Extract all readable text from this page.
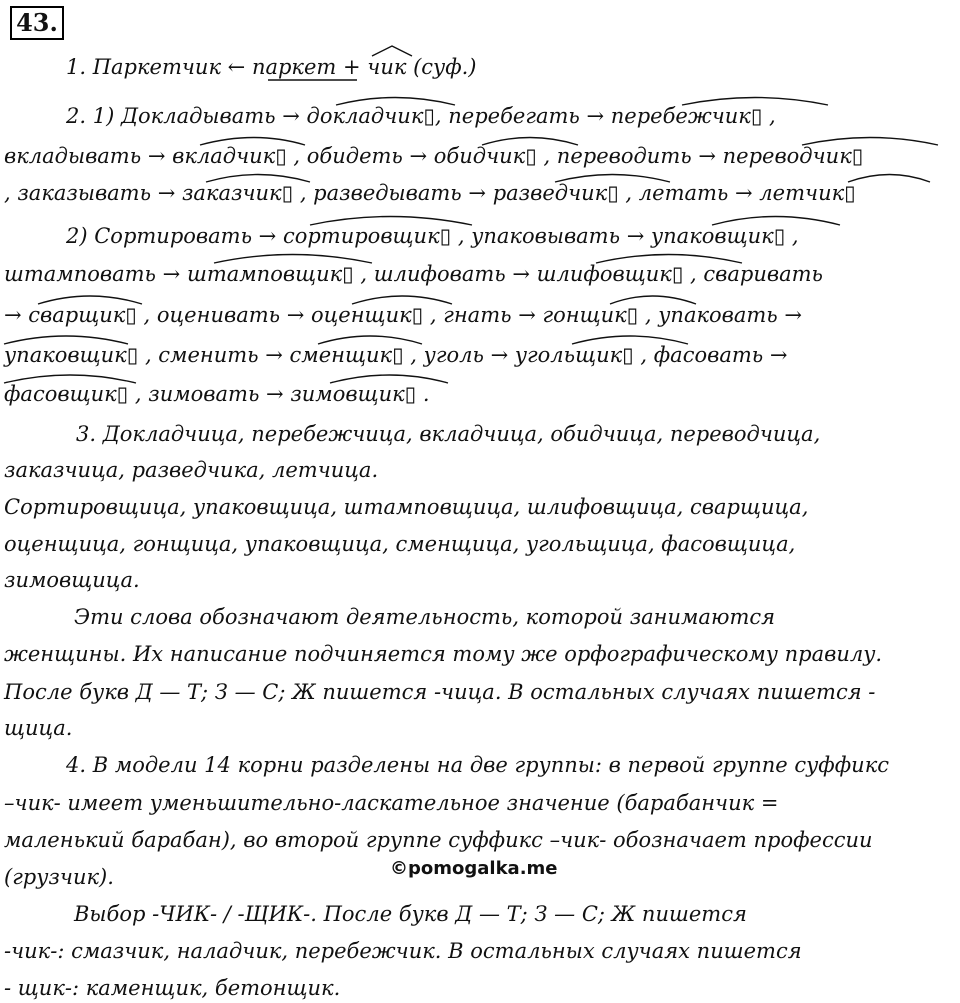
43.
1. Паркетчик ← паркет + чик (суф.)
2. 1) Докладывать → докладчик▯, перебегать → перебежчик▯ ,
вкладывать → вкладчик▯ , обидеть → обидчик▯ , переводить → переводчик▯
, заказывать → заказчик▯ , разведывать → разведчик▯ , летать → летчик▯
2) Сортировать → сортировщик▯ , упаковывать → упаковщик▯ ,
штамповать → штамповщик▯ , шлифовать → шлифовщик▯ , сваривать
→ сварщик▯ , оценивать → оценщик▯ , гнать → гонщик▯ , упаковать →
упаковщик▯ , сменить → сменщик▯ , уголь → угольщик▯ , фасовать →
фасовщик▯ , зимовать → зимовщик▯ .
3. Докладчица, перебежчица, вкладчица, обидчица, переводчица,
заказчица, разведчика, летчица.
Сортировщица, упаковщица, штамповщица, шлифовщица, сварщица,
оценщица, гонщица, упаковщица, сменщица, угольщица, фасовщица,
зимовщица.
Эти слова обозначают деятельность, которой занимаются
женщины. Их написание подчиняется тому же орфографическому правилу.
После букв Д — Т; З — С; Ж пишется -чица. В остальных случаях пишется -
щица.
4. В модели 14 корни разделены на две группы: в первой группе суффикс
–чик- имеет уменьшительно-ласкательное значение (барабанчик =
маленький барабан), во второй группе суффикс –чик- обозначает профессии
(грузчик).
Выбор -ЧИК- / -ЩИК-. После букв Д — Т; З — С; Ж пишется
-чик-: смазчик, наладчик, перебежчик. В остальных случаях пишется
- щик-: каменщик, бетонщик.
©pomogalka.me
